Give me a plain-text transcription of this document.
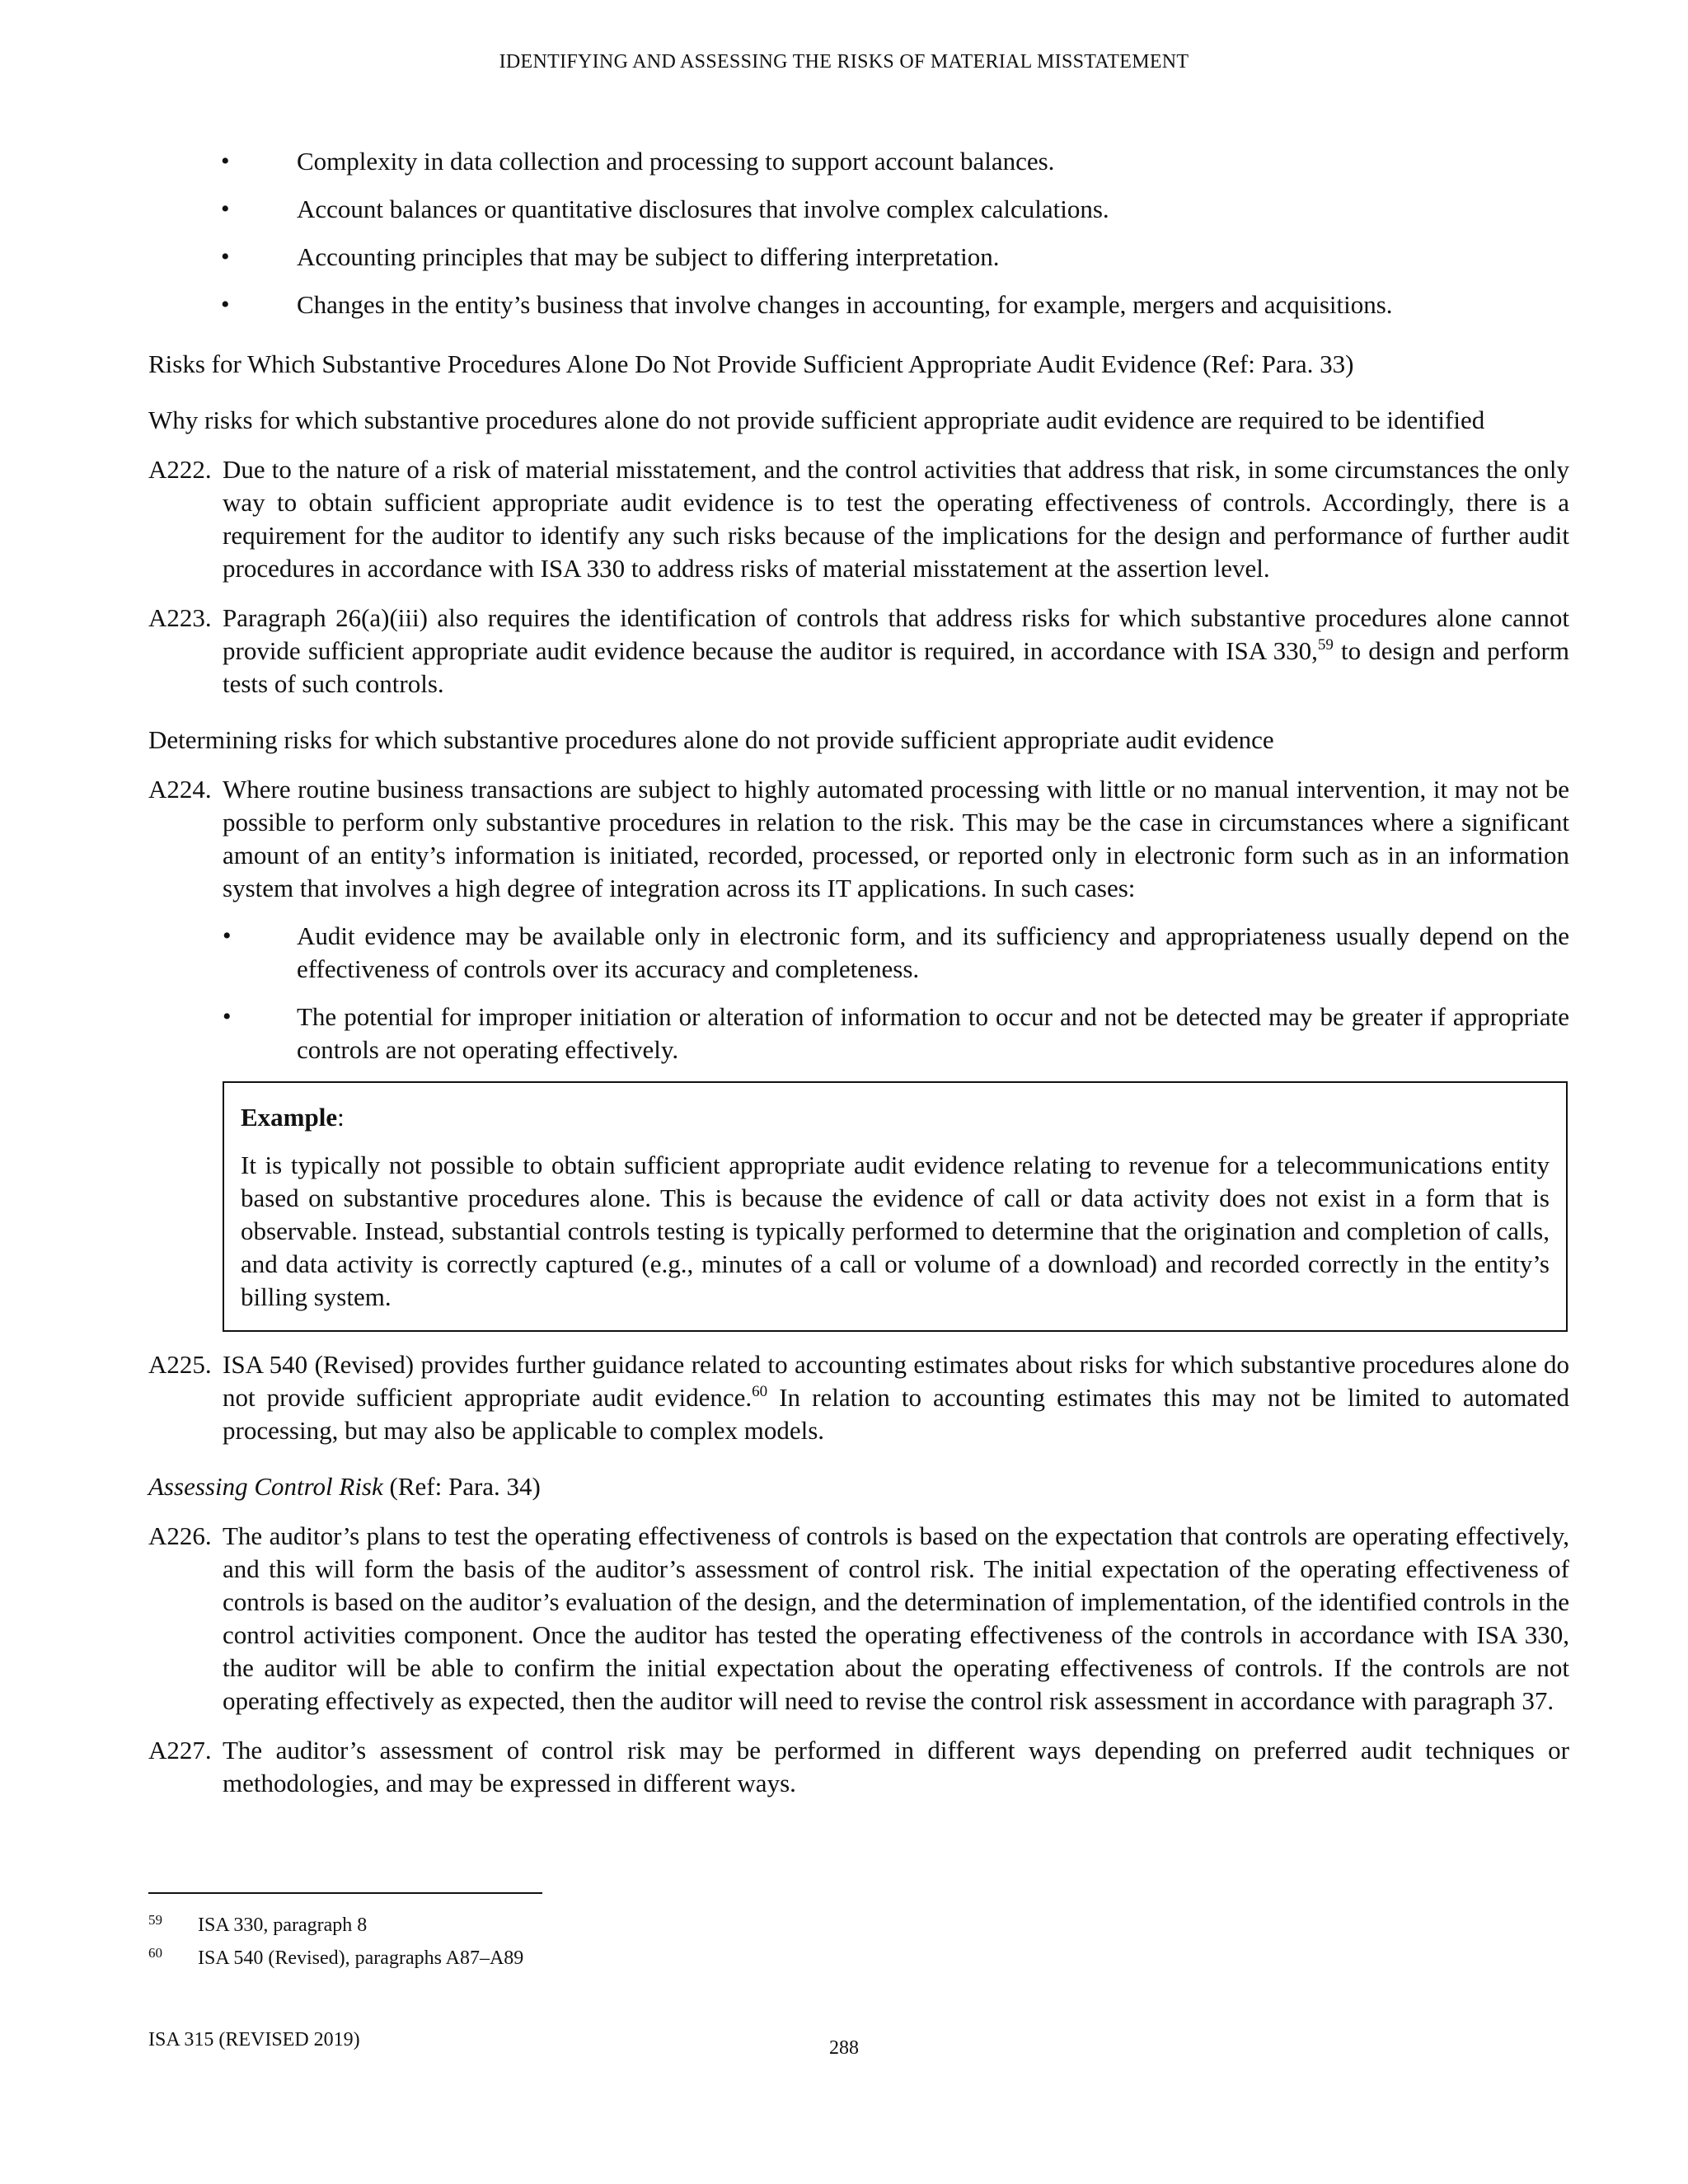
IDENTIFYING AND ASSESSING THE RISKS OF MATERIAL MISSTATEMENT
• Complexity in data collection and processing to support account balances.
• Account balances or quantitative disclosures that involve complex calculations.
• Accounting principles that may be subject to differing interpretation.
• Changes in the entity’s business that involve changes in accounting, for example, mergers and acquisitions.
Risks for Which Substantive Procedures Alone Do Not Provide Sufficient Appropriate Audit Evidence (Ref: Para. 33)
Why risks for which substantive procedures alone do not provide sufficient appropriate audit evidence are required to be identified
A222. Due to the nature of a risk of material misstatement, and the control activities that address that risk, in some circumstances the only way to obtain sufficient appropriate audit evidence is to test the operating effectiveness of controls. Accordingly, there is a requirement for the auditor to identify any such risks because of the implications for the design and performance of further audit procedures in accordance with ISA 330 to address risks of material misstatement at the assertion level.
A223. Paragraph 26(a)(iii) also requires the identification of controls that address risks for which substantive procedures alone cannot provide sufficient appropriate audit evidence because the auditor is required, in accordance with ISA 330,59 to design and perform tests of such controls.
Determining risks for which substantive procedures alone do not provide sufficient appropriate audit evidence
A224. Where routine business transactions are subject to highly automated processing with little or no manual intervention, it may not be possible to perform only substantive procedures in relation to the risk. This may be the case in circumstances where a significant amount of an entity’s information is initiated, recorded, processed, or reported only in electronic form such as in an information system that involves a high degree of integration across its IT applications. In such cases:
• Audit evidence may be available only in electronic form, and its sufficiency and appropriateness usually depend on the effectiveness of controls over its accuracy and completeness.
• The potential for improper initiation or alteration of information to occur and not be detected may be greater if appropriate controls are not operating effectively.
Example:
It is typically not possible to obtain sufficient appropriate audit evidence relating to revenue for a telecommunications entity based on substantive procedures alone. This is because the evidence of call or data activity does not exist in a form that is observable. Instead, substantial controls testing is typically performed to determine that the origination and completion of calls, and data activity is correctly captured (e.g., minutes of a call or volume of a download) and recorded correctly in the entity’s billing system.
A225. ISA 540 (Revised) provides further guidance related to accounting estimates about risks for which substantive procedures alone do not provide sufficient appropriate audit evidence.$^{60}$ In relation to accounting estimates this may not be limited to automated processing, but may also be applicable to complex models.
Assessing Control Risk (Ref: Para. 34)
A226. The auditor’s plans to test the operating effectiveness of controls is based on the expectation that controls are operating effectively, and this will form the basis of the auditor’s assessment of control risk. The initial expectation of the operating effectiveness of controls is based on the auditor’s evaluation of the design, and the determination of implementation, of the identified controls in the control activities component. Once the auditor has tested the operating effectiveness of the controls in accordance with ISA 330, the auditor will be able to confirm the initial expectation about the operating effectiveness of controls. If the controls are not operating effectively as expected, then the auditor will need to revise the control risk assessment in accordance with paragraph 37.
A227. The auditor’s assessment of control risk may be performed in different ways depending on preferred audit techniques or methodologies, and may be expressed in different ways.
59 ISA 330, paragraph 8
60 ISA 540 (Revised), paragraphs A87–A89
ISA 315 (REVISED 2019)	288
